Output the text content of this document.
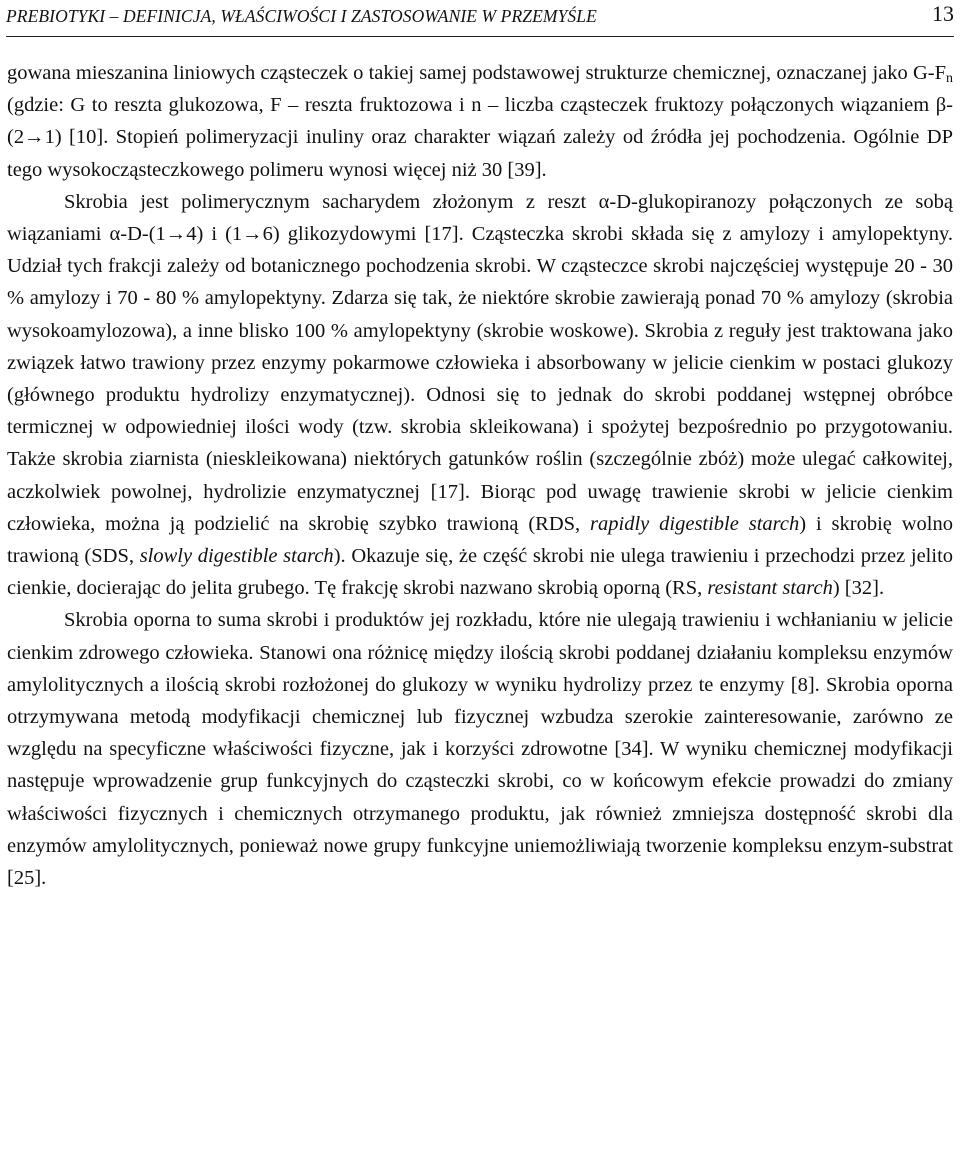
PREBIOTYKI – DEFINICJA, WŁAŚCIWOŚCI I ZASTOSOWANIE W PRZEMYŚLE	13

gowana mieszanina liniowych cząsteczek o takiej samej podstawowej strukturze chemicznej, oznaczanej jako $G-F_n$ (gdzie: G to reszta glukozowa, F – reszta fruktozowa i n – liczba cząsteczek fruktozy połączonych wiązaniem β-(2→1) [10]. Stopień polimeryzacji inuliny oraz charakter wiązań zależy od źródła jej pochodzenia. Ogólnie DP tego wysokocząsteczkowego polimeru wynosi więcej niż 30 [39].

Skrobia jest polimerycznym sacharydem złożonym z reszt α-D-glukopiranozy połączonych ze sobą wiązaniami α-D-(1→4) i (1→6) glikozydowymi [17]. Cząsteczka skrobi składa się z amylozy i amylopektyny. Udział tych frakcji zależy od botanicznego pochodzenia skrobi. W cząsteczce skrobi najczęściej występuje 20 - 30 % amylozy i 70 - 80 % amylopektyny. Zdarza się tak, że niektóre skrobie zawierają ponad 70 % amylozy (skrobia wysokoamylozowa), a inne blisko 100 % amylopektyny (skrobie woskowe). Skrobia z reguły jest traktowana jako związek łatwo trawiony przez enzymy pokarmowe człowieka i absorbowany w jelicie cienkim w postaci glukozy (głównego produktu hydrolizy enzymatycznej). Odnosi się to jednak do skrobi poddanej wstępnej obróbce termicznej w odpowiedniej ilości wody (tzw. skrobia skleikowana) i spożytej bezpośrednio po przygotowaniu. Także skrobia ziarnista (nieskleikowana) niektórych gatunków roślin (szczególnie zbóż) może ulegać całkowitej, aczkolwiek powolnej, hydrolizie enzymatycznej [17]. Biorąc pod uwagę trawienie skrobi w jelicie cienkim człowieka, można ją podzielić na skrobię szybko trawioną (RDS, rapidly digestible starch) i skrobię wolno trawioną (SDS, slowly digestible starch). Okazuje się, że część skrobi nie ulega trawieniu i przechodzi przez jelito cienkie, docierając do jelita grubego. Tę frakcję skrobi nazwano skrobią oporną (RS, resistant starch) [32].

Skrobia oporna to suma skrobi i produktów jej rozkładu, które nie ulegają trawieniu i wchłanianiu w jelicie cienkim zdrowego człowieka. Stanowi ona różnicę między ilością skrobi poddanej działaniu kompleksu enzymów amylolitycznych a ilością skrobi rozłożonej do glukozy w wyniku hydrolizy przez te enzymy [8]. Skrobia oporna otrzymywana metodą modyfikacji chemicznej lub fizycznej wzbudza szerokie zainteresowanie, zarówno ze względu na specyficzne właściwości fizyczne, jak i korzyści zdrowotne [34]. W wyniku chemicznej modyfikacji następuje wprowadzenie grup funkcyjnych do cząsteczki skrobi, co w końcowym efekcie prowadzi do zmiany właściwości fizycznych i chemicznych otrzymanego produktu, jak również zmniejsza dostępność skrobi dla enzymów amylolitycznych, ponieważ nowe grupy funkcyjne uniemożliwiają tworzenie kompleksu enzym-substrat [25].
